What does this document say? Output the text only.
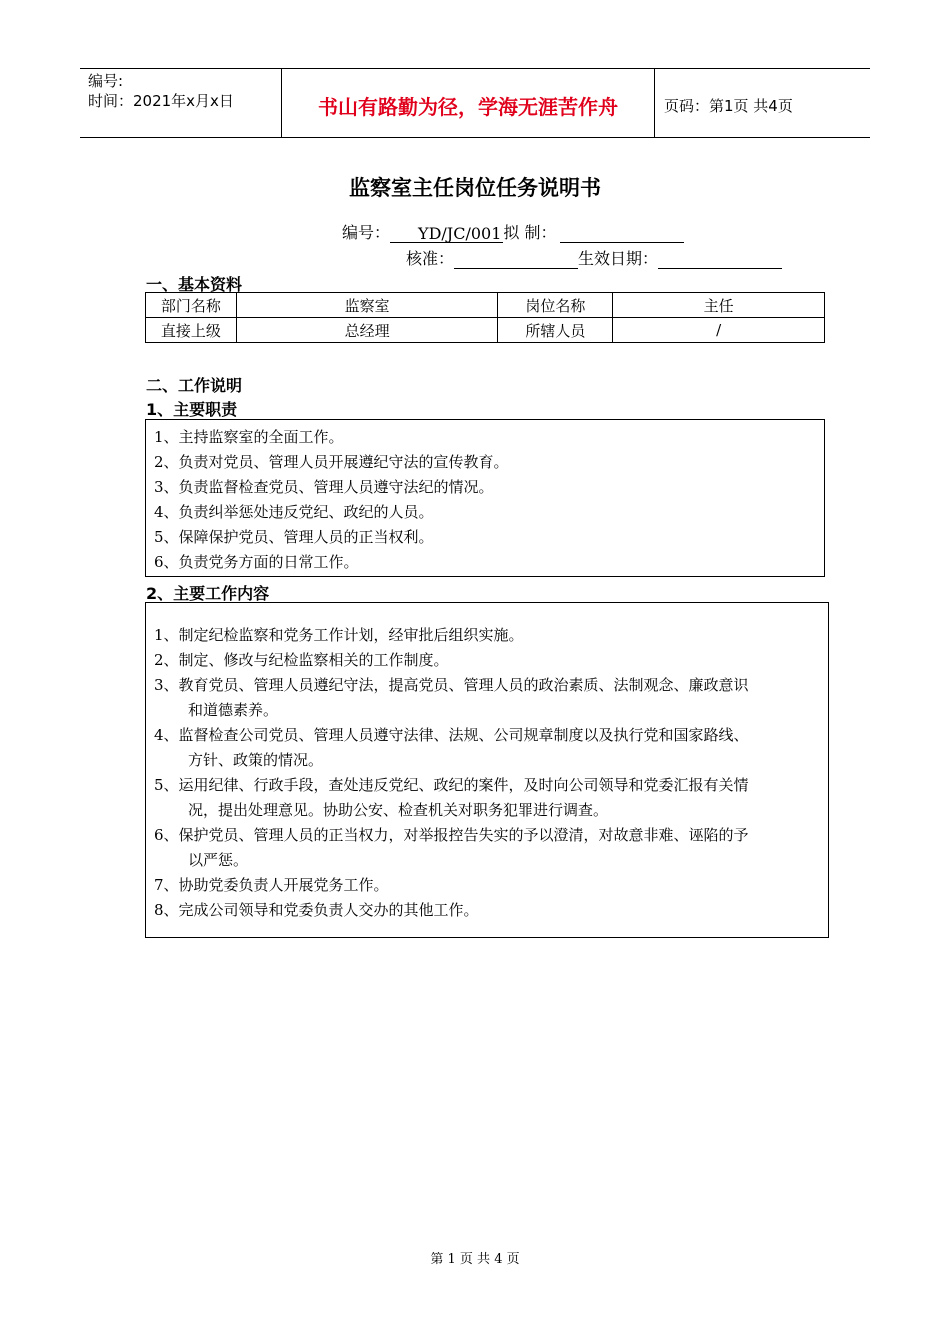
编号:
时间：2021年x月x日	书山有路勤为径，学海无涯苦作舟	页码：第1页 共4页
监察室主任岗位任务说明书
编号： YD/JC/001 拟 制：
核准：	生效日期：
一、基本资料
部门名称	监察室	岗位名称	主任
直接上级	总经理	所辖人员	/
二、工作说明
1、主要职责
1、主持监察室的全面工作。
2、负责对党员、管理人员开展遵纪守法的宣传教育。
3、负责监督检查党员、管理人员遵守法纪的情况。
4、负责纠举惩处违反党纪、政纪的人员。
5、保障保护党员、管理人员的正当权利。
6、负责党务方面的日常工作。
2、主要工作内容
1、制定纪检监察和党务工作计划，经审批后组织实施。
2、制定、修改与纪检监察相关的工作制度。
3、教育党员、管理人员遵纪守法，提高党员、管理人员的政治素质、法制观念、廉政意识
和道德素养。
4、监督检查公司党员、管理人员遵守法律、法规、公司规章制度以及执行党和国家路线、
方针、政策的情况。
5、运用纪律、行政手段，查处违反党纪、政纪的案件，及时向公司领导和党委汇报有关情
况，提出处理意见。协助公安、检查机关对职务犯罪进行调查。
6、保护党员、管理人员的正当权力，对举报控告失实的予以澄清，对故意非难、诬陷的予
以严惩。
7、协助党委负责人开展党务工作。
8、完成公司领导和党委负责人交办的其他工作。
第 1 页 共 4 页
